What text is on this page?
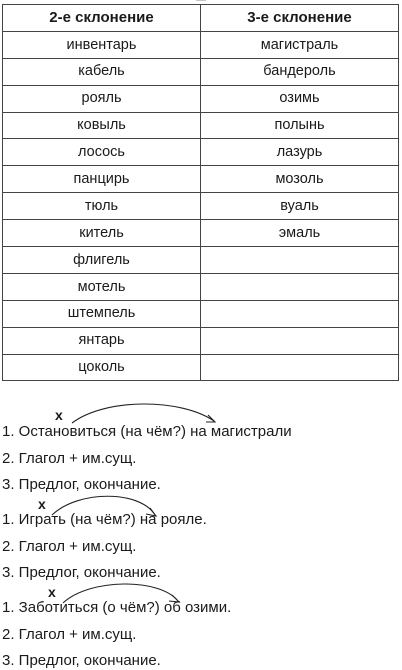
2-е склонение	3-е склонение
инвентарь	магистраль
кабель	бандероль
рояль	озимь
ковыль	полынь
лосось	лазурь
панцирь	мозоль
тюль	вуаль
китель	эмаль
флигель	
мотель	
штемпель	
янтарь	
цоколь	
1. Остановиться (на чём?) на магистрали
2. Глагол + им.сущ.
3. Предлог, окончание.
1. Играть (на чём?) на рояле.
2. Глагол + им.сущ.
3. Предлог, окончание.
1. Заботиться (о чём?) об озими.
2. Глагол + им.сущ.
3. Предлог, окончание.
x
x
x
